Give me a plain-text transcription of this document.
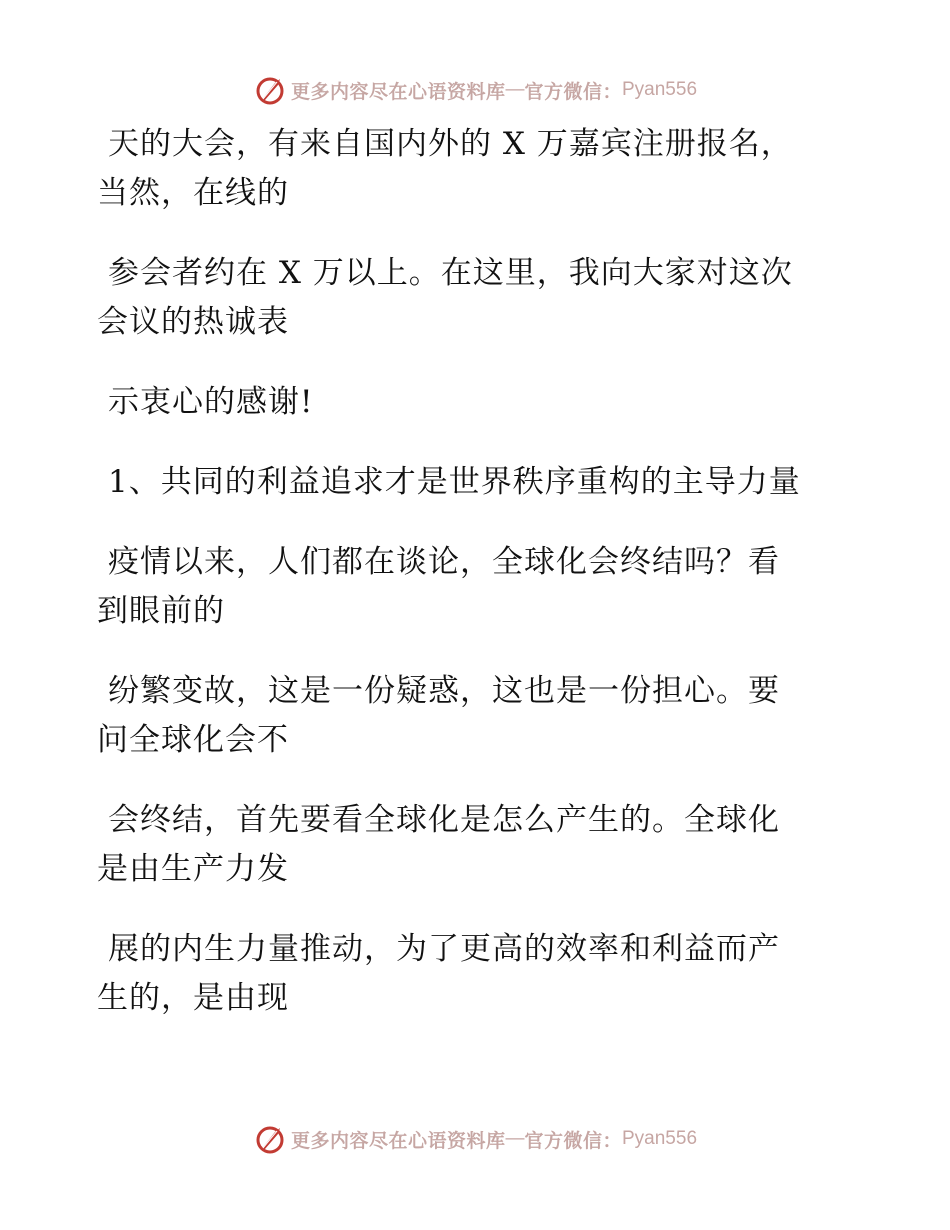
更多内容尽在心语资料库 — 官方微信： Pyan556

天的大会，有来自国内外的 X 万嘉宾注册报名，
当然，在线的

参会者约在 X 万以上。在这里，我向大家对这次
会议的热诚表

示衷心的感谢!

1、共同的利益追求才是世界秩序重构的主导力量

疫情以来，人们都在谈论，全球化会终结吗？看
到眼前的

纷繁变故，这是一份疑惑，这也是一份担心。要
问全球化会不

会终结，首先要看全球化是怎么产生的。全球化
是由生产力发

展的内生力量推动，为了更高的效率和利益而产
生的，是由现

更多内容尽在心语资料库 — 官方微信： Pyan556
